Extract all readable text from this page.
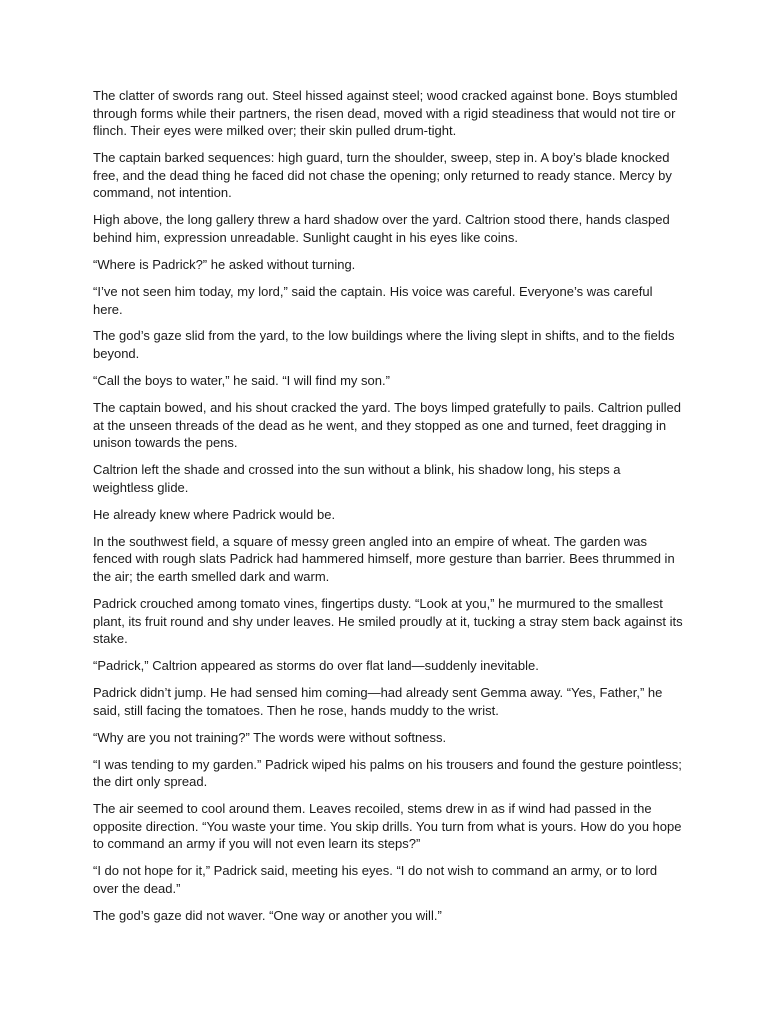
The clatter of swords rang out. Steel hissed against steel; wood cracked against bone. Boys stumbled through forms while their partners, the risen dead, moved with a rigid steadiness that would not tire or flinch. Their eyes were milked over; their skin pulled drum-tight.

The captain barked sequences: high guard, turn the shoulder, sweep, step in. A boy’s blade knocked free, and the dead thing he faced did not chase the opening; only returned to ready stance. Mercy by command, not intention.

High above, the long gallery threw a hard shadow over the yard. Caltrion stood there, hands clasped behind him, expression unreadable. Sunlight caught in his eyes like coins.

“Where is Padrick?” he asked without turning.

“I’ve not seen him today, my lord,” said the captain. His voice was careful. Everyone’s was careful here.

The god’s gaze slid from the yard, to the low buildings where the living slept in shifts, and to the fields beyond.

“Call the boys to water,” he said. “I will find my son.”

The captain bowed, and his shout cracked the yard. The boys limped gratefully to pails. Caltrion pulled at the unseen threads of the dead as he went, and they stopped as one and turned, feet dragging in unison towards the pens.

Caltrion left the shade and crossed into the sun without a blink, his shadow long, his steps a weightless glide.

He already knew where Padrick would be.

In the southwest field, a square of messy green angled into an empire of wheat. The garden was fenced with rough slats Padrick had hammered himself, more gesture than barrier. Bees thrummed in the air; the earth smelled dark and warm.

Padrick crouched among tomato vines, fingertips dusty. “Look at you,” he murmured to the smallest plant, its fruit round and shy under leaves. He smiled proudly at it, tucking a stray stem back against its stake.

“Padrick,” Caltrion appeared as storms do over flat land—suddenly inevitable.

Padrick didn’t jump. He had sensed him coming—had already sent Gemma away. “Yes, Father,” he said, still facing the tomatoes. Then he rose, hands muddy to the wrist.

“Why are you not training?” The words were without softness.

“I was tending to my garden.” Padrick wiped his palms on his trousers and found the gesture pointless; the dirt only spread.

The air seemed to cool around them. Leaves recoiled, stems drew in as if wind had passed in the opposite direction. “You waste your time. You skip drills. You turn from what is yours. How do you hope to command an army if you will not even learn its steps?”

“I do not hope for it,” Padrick said, meeting his eyes. “I do not wish to command an army, or to lord over the dead.”

The god’s gaze did not waver. “One way or another you will.”
